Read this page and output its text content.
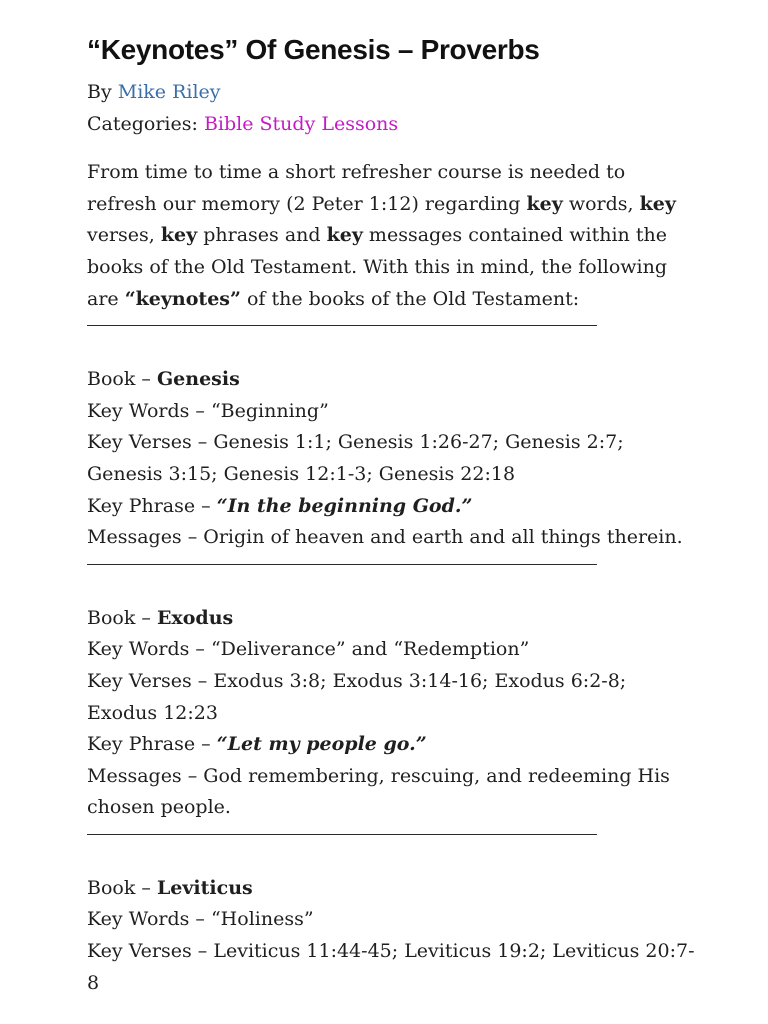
“Keynotes” Of Genesis – Proverbs
By Mike Riley
Categories: Bible Study Lessons

From time to time a short refresher course is needed to refresh our memory (2 Peter 1:12) regarding key words, key verses, key phrases and key messages contained within the books of the Old Testament. With this in mind, the following are “keynotes” of the books of the Old Testament:

Book – Genesis
Key Words – “Beginning”
Key Verses – Genesis 1:1; Genesis 1:26-27; Genesis 2:7; Genesis 3:15; Genesis 12:1-3; Genesis 22:18
Key Phrase – “In the beginning God.”
Messages – Origin of heaven and earth and all things therein.
Book – Exodus
Key Words – “Deliverance” and “Redemption”
Key Verses – Exodus 3:8; Exodus 3:14-16; Exodus 6:2-8; Exodus 12:23
Key Phrase – “Let my people go.”
Messages – God remembering, rescuing, and redeeming His chosen people.
Book – Leviticus
Key Words – “Holiness”
Key Verses – Leviticus 11:44-45; Leviticus 19:2; Leviticus 20:7-8
